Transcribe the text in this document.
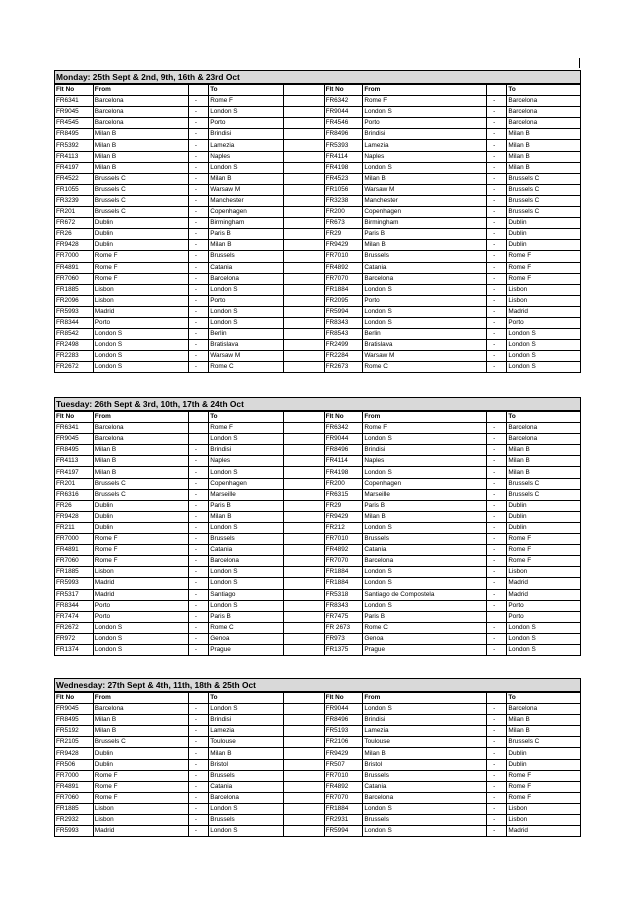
Monday: 25th Sept & 2nd, 9th, 16th & 23rd Oct
Flt No	From		To		Flt No	From		To
FR6341	Barcelona	-	Rome F		FR6342	Rome F	-	Barcelona
FR9045	Barcelona	-	London S		FR9044	London S	-	Barcelona
FR4545	Barcelona	-	Porto		FR4546	Porto	-	Barcelona
FR8495	Milan B	-	Brindisi		FR8496	Brindisi	-	Milan B
FR5392	Milan B	-	Lamezia		FR5393	Lamezia	-	Milan B
FR4113	Milan B	-	Naples		FR4114	Naples	-	Milan B
FR4197	Milan B	-	London S		FR4198	London S	-	Milan B
FR4522	Brussels C	-	Milan B		FR4523	Milan B	-	Brussels C
FR1055	Brussels C	-	Warsaw M		FR1056	Warsaw M	-	Brussels C
FR3239	Brussels C	-	Manchester		FR3238	Manchester	-	Brussels C
FR201	Brussels C	-	Copenhagen		FR200	Copenhagen	-	Brussels C
FR672	Dublin	-	Birmingham		FR673	Birmingham	-	Dublin
FR26	Dublin	-	Paris B		FR29	Paris B	-	Dublin
FR9428	Dublin	-	Milan B		FR9429	Milan B	-	Dublin
FR7000	Rome F	-	Brussels		FR7010	Brussels	-	Rome F
FR4891	Rome F	-	Catania		FR4892	Catania	-	Rome F
FR7060	Rome F	-	Barcelona		FR7070	Barcelona	-	Rome F
FR1885	Lisbon	-	London S		FR1884	London S	-	Lisbon
FR2096	Lisbon	-	Porto		FR2095	Porto	-	Lisbon
FR5993	Madrid	-	London S		FR5994	London S	-	Madrid
FR8344	Porto	-	London S		FR8343	London S	-	Porto
FR8542	London S	-	Berlin		FR8543	Berlin	-	London S
FR2498	London S	-	Bratislava		FR2499	Bratislava	-	London S
FR2283	London S	-	Warsaw M		FR2284	Warsaw M	-	London S
FR2672	London S	-	Rome C		FR2673	Rome C	-	London S
Tuesday: 26th Sept & 3rd, 10th, 17th & 24th Oct
Flt No	From		To		Flt No	From		To
FR6341	Barcelona		Rome F		FR6342	Rome F	-	Barcelona
FR9045	Barcelona		London S		FR9044	London S	-	Barcelona
FR8495	Milan B	-	Brindisi		FR8496	Brindisi	-	Milan B
FR4113	Milan B	-	Naples		FR4114	Naples	-	Milan B
FR4197	Milan B	-	London S		FR4198	London S	-	Milan B
FR201	Brussels C	-	Copenhagen		FR200	Copenhagen	-	Brussels C
FR6316	Brussels C	-	Marseille		FR6315	Marseille	-	Brussels C
FR26	Dublin	-	Paris B		FR29	Paris B	-	Dublin
FR9428	Dublin	-	Milan B		FR9429	Milan B	-	Dublin
FR211	Dublin	-	London S		FR212	London S	-	Dublin
FR7000	Rome F	-	Brussels		FR7010	Brussels	-	Rome F
FR4891	Rome F	-	Catania		FR4892	Catania	-	Rome F
FR7060	Rome F	-	Barcelona		FR7070	Barcelona	-	Rome F
FR1885	Lisbon	-	London S		FR1884	London S	-	Lisbon
FR5993	Madrid	-	London S		FR1884	London S	-	Madrid
FR5317	Madrid	-	Santiago		FR5318	Santiago de Compostela	-	Madrid
FR8344	Porto	-	London S		FR8343	London S	-	Porto
FR7474	Porto	-	Paris B		FR7475	Paris B		Porto
FR2672	London S	-	Rome C		FR 2673	Rome C	-	London S
FR972	London S	-	Genoa		FR973	Genoa	-	London S
FR1374	London S	-	Prague		FR1375	Prague	-	London S
Wednesday: 27th Sept & 4th, 11th, 18th & 25th Oct
Flt No	From		To		Flt No	From		To
FR9045	Barcelona	-	London S		FR9044	London S	-	Barcelona
FR8495	Milan B	-	Brindisi		FR8496	Brindisi	-	Milan B
FR5192	Milan B	-	Lamezia		FR5193	Lamezia	-	Milan B
FR2105	Brussels C	-	Toulouse		FR2106	Toulouse	-	Brussels C
FR9428	Dublin	-	Milan B		FR9429	Milan B	-	Dublin
FR506	Dublin	-	Bristol		FR507	Bristol	-	Dublin
FR7000	Rome F	-	Brussels		FR7010	Brussels	-	Rome F
FR4891	Rome F	-	Catania		FR4892	Catania	-	Rome F
FR7060	Rome F	-	Barcelona		FR7070	Barcelona	-	Rome F
FR1885	Lisbon	-	London S		FR1884	London S	-	Lisbon
FR2932	Lisbon	-	Brussels		FR2931	Brussels	-	Lisbon
FR5993	Madrid	-	London S		FR5994	London S	-	Madrid
